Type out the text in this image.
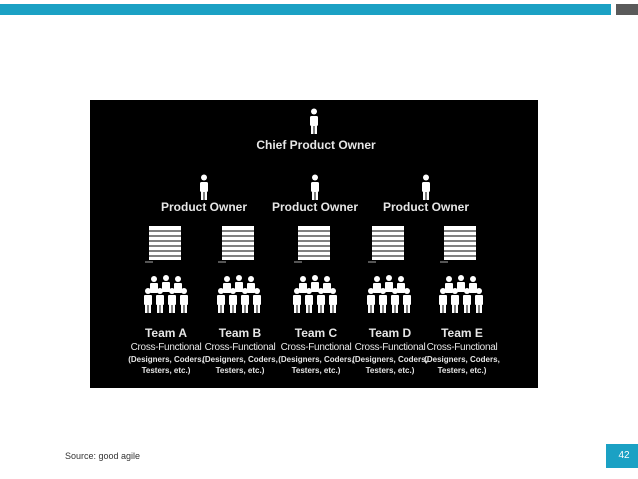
Chief Product Owner
Product Owner Product Owner Product Owner
Team A
Cross-Functional
(Designers, Coders,
Testers, etc.)
Team B
Cross-Functional
(Designers, Coders,
Testers, etc.)
Team C
Cross-Functional
(Designers, Coders,
Testers, etc.)
Team D
Cross-Functional
(Designers, Coders,
Testers, etc.)
Team E
Cross-Functional
(Designers, Coders,
Testers, etc.)
Source: good agile	42
